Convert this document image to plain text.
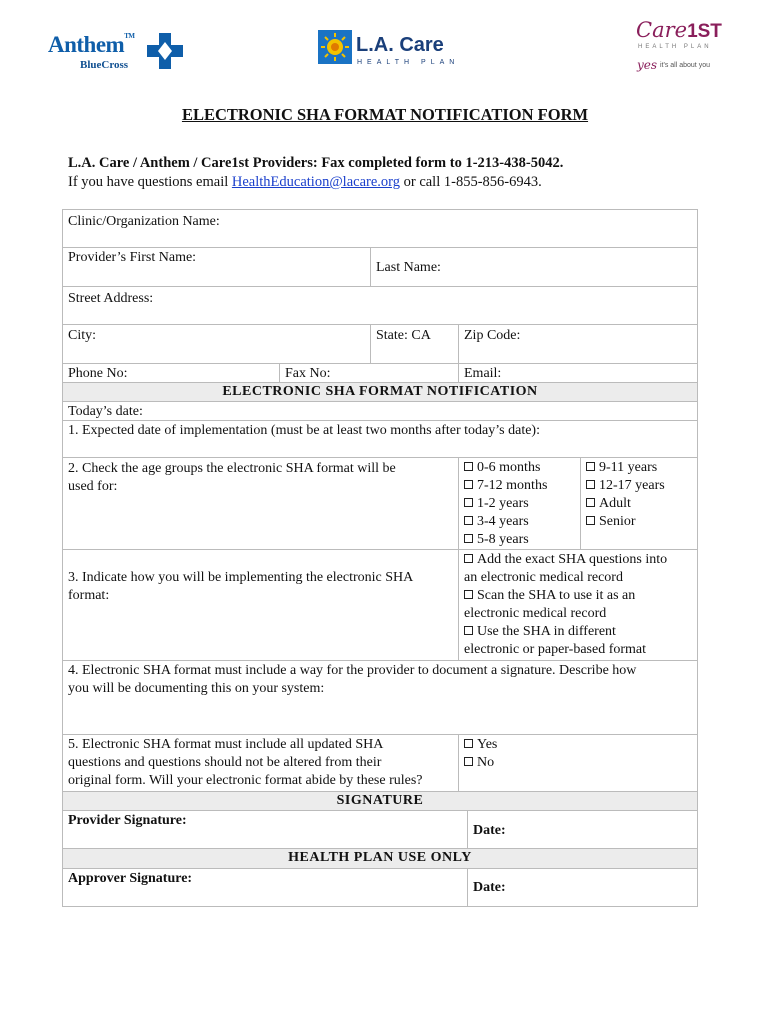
Anthem™
BlueCross
L.A. Care
HEALTH PLAN
Care1ST
HEALTH PLAN
yes it's all about you
ELECTRONIC SHA FORMAT NOTIFICATION FORM
L.A. Care / Anthem / Care1st Providers: Fax completed form to 1-213-438-5042.
If you have questions email HealthEducation@lacare.org or call 1-855-856-6943.
Clinic/Organization Name:
Provider’s First Name:
Last Name:
Street Address:
City:	State: CA	Zip Code:
Phone No:	Fax No:	Email:
ELECTRONIC SHA FORMAT NOTIFICATION
Today’s date:
1. Expected date of implementation (must be at least two months after today’s date):
2. Check the age groups the electronic SHA format will be
used for:
0-6 months
7-12 months
1-2 years
3-4 years
5-8 years
9-11 years
12-17 years
Adult
Senior
3. Indicate how you will be implementing the electronic SHA
format:
Add the exact SHA questions into
an electronic medical record
Scan the SHA to use it as an
electronic medical record
Use the SHA in different
electronic or paper-based format
4. Electronic SHA format must include a way for the provider to document a signature. Describe how
you will be documenting this on your system:
5. Electronic SHA format must include all updated SHA
questions and questions should not be altered from their
original form. Will your electronic format abide by these rules?
Yes
No
SIGNATURE
Provider Signature:
Date:
HEALTH PLAN USE ONLY
Approver Signature:
Date:
